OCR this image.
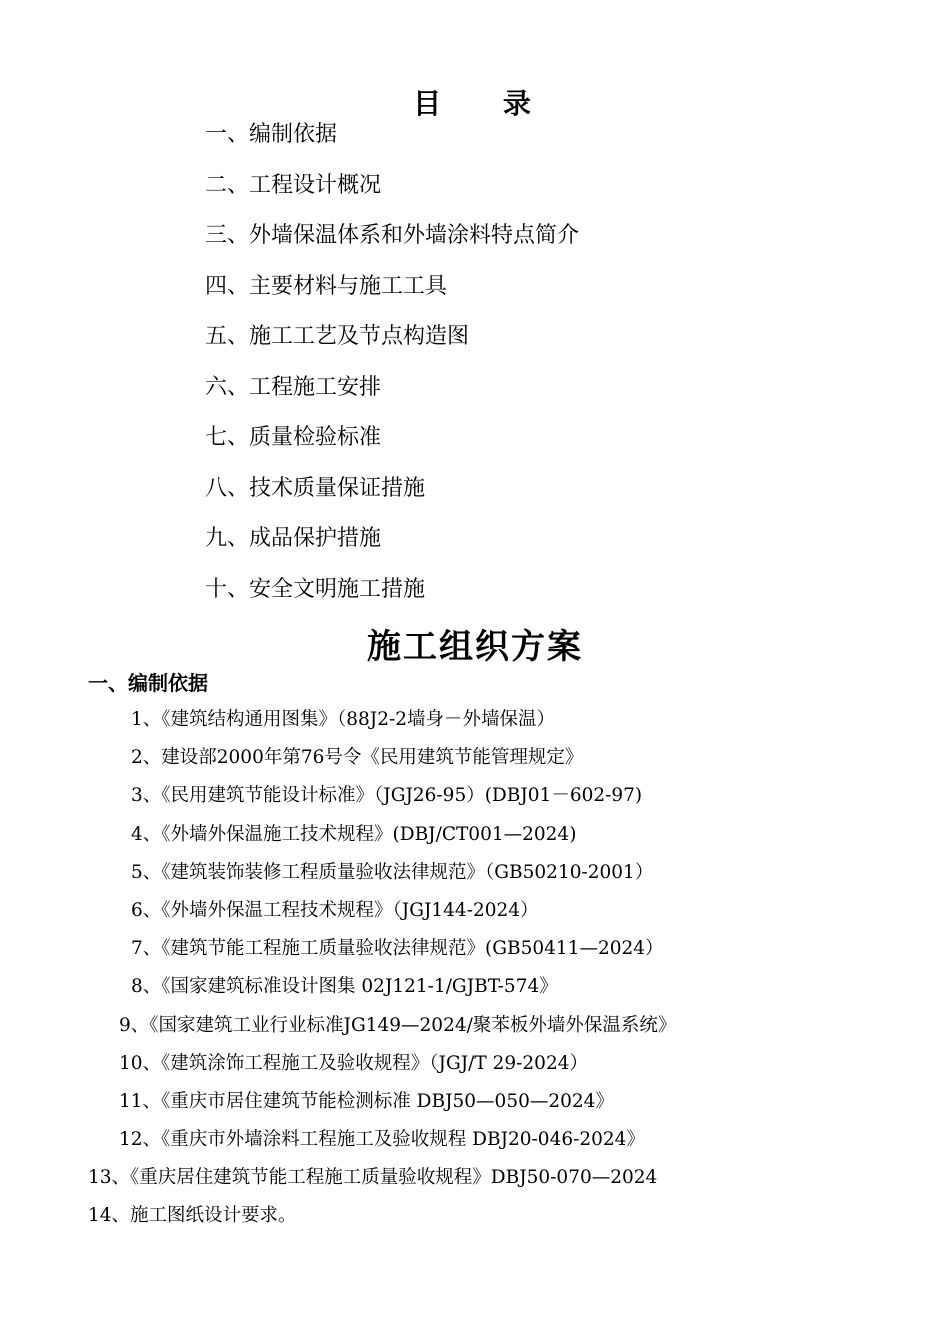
目 录
一、编制依据
二、工程设计概况
三、外墙保温体系和外墙涂料特点简介
四、主要材料与施工工具
五、施工工艺及节点构造图
六、工程施工安排
七、质量检验标准
八、技术质量保证措施
九、成品保护措施
十、安全文明施工措施
施工组织方案
一、编制依据
1、《建筑结构通用图集》（88J2-2墙身－外墙保温）
2、建设部2000年第76号令《民用建筑节能管理规定》
3、《民用建筑节能设计标准》（JGJ26-95）(DBJ01－602-97)
4、《外墙外保温施工技术规程》(DBJ/CT001—2024)
5、《建筑装饰装修工程质量验收法律规范》（GB50210-2001）
6、《外墙外保温工程技术规程》（JGJ144-2024）
7、《建筑节能工程施工质量验收法律规范》(GB50411—2024）
8、《国家建筑标准设计图集 02J121-1/GJBT-574》
9、《国家建筑工业行业标准JG149—2024/聚苯板外墙外保温系统》
10、《建筑涂饰工程施工及验收规程》（JGJ/T 29-2024）
11、《重庆市居住建筑节能检测标准 DBJ50—050—2024》
12、《重庆市外墙涂料工程施工及验收规程 DBJ20-046-2024》
13、《重庆居住建筑节能工程施工质量验收规程》DBJ50-070—2024
14、施工图纸设计要求。
